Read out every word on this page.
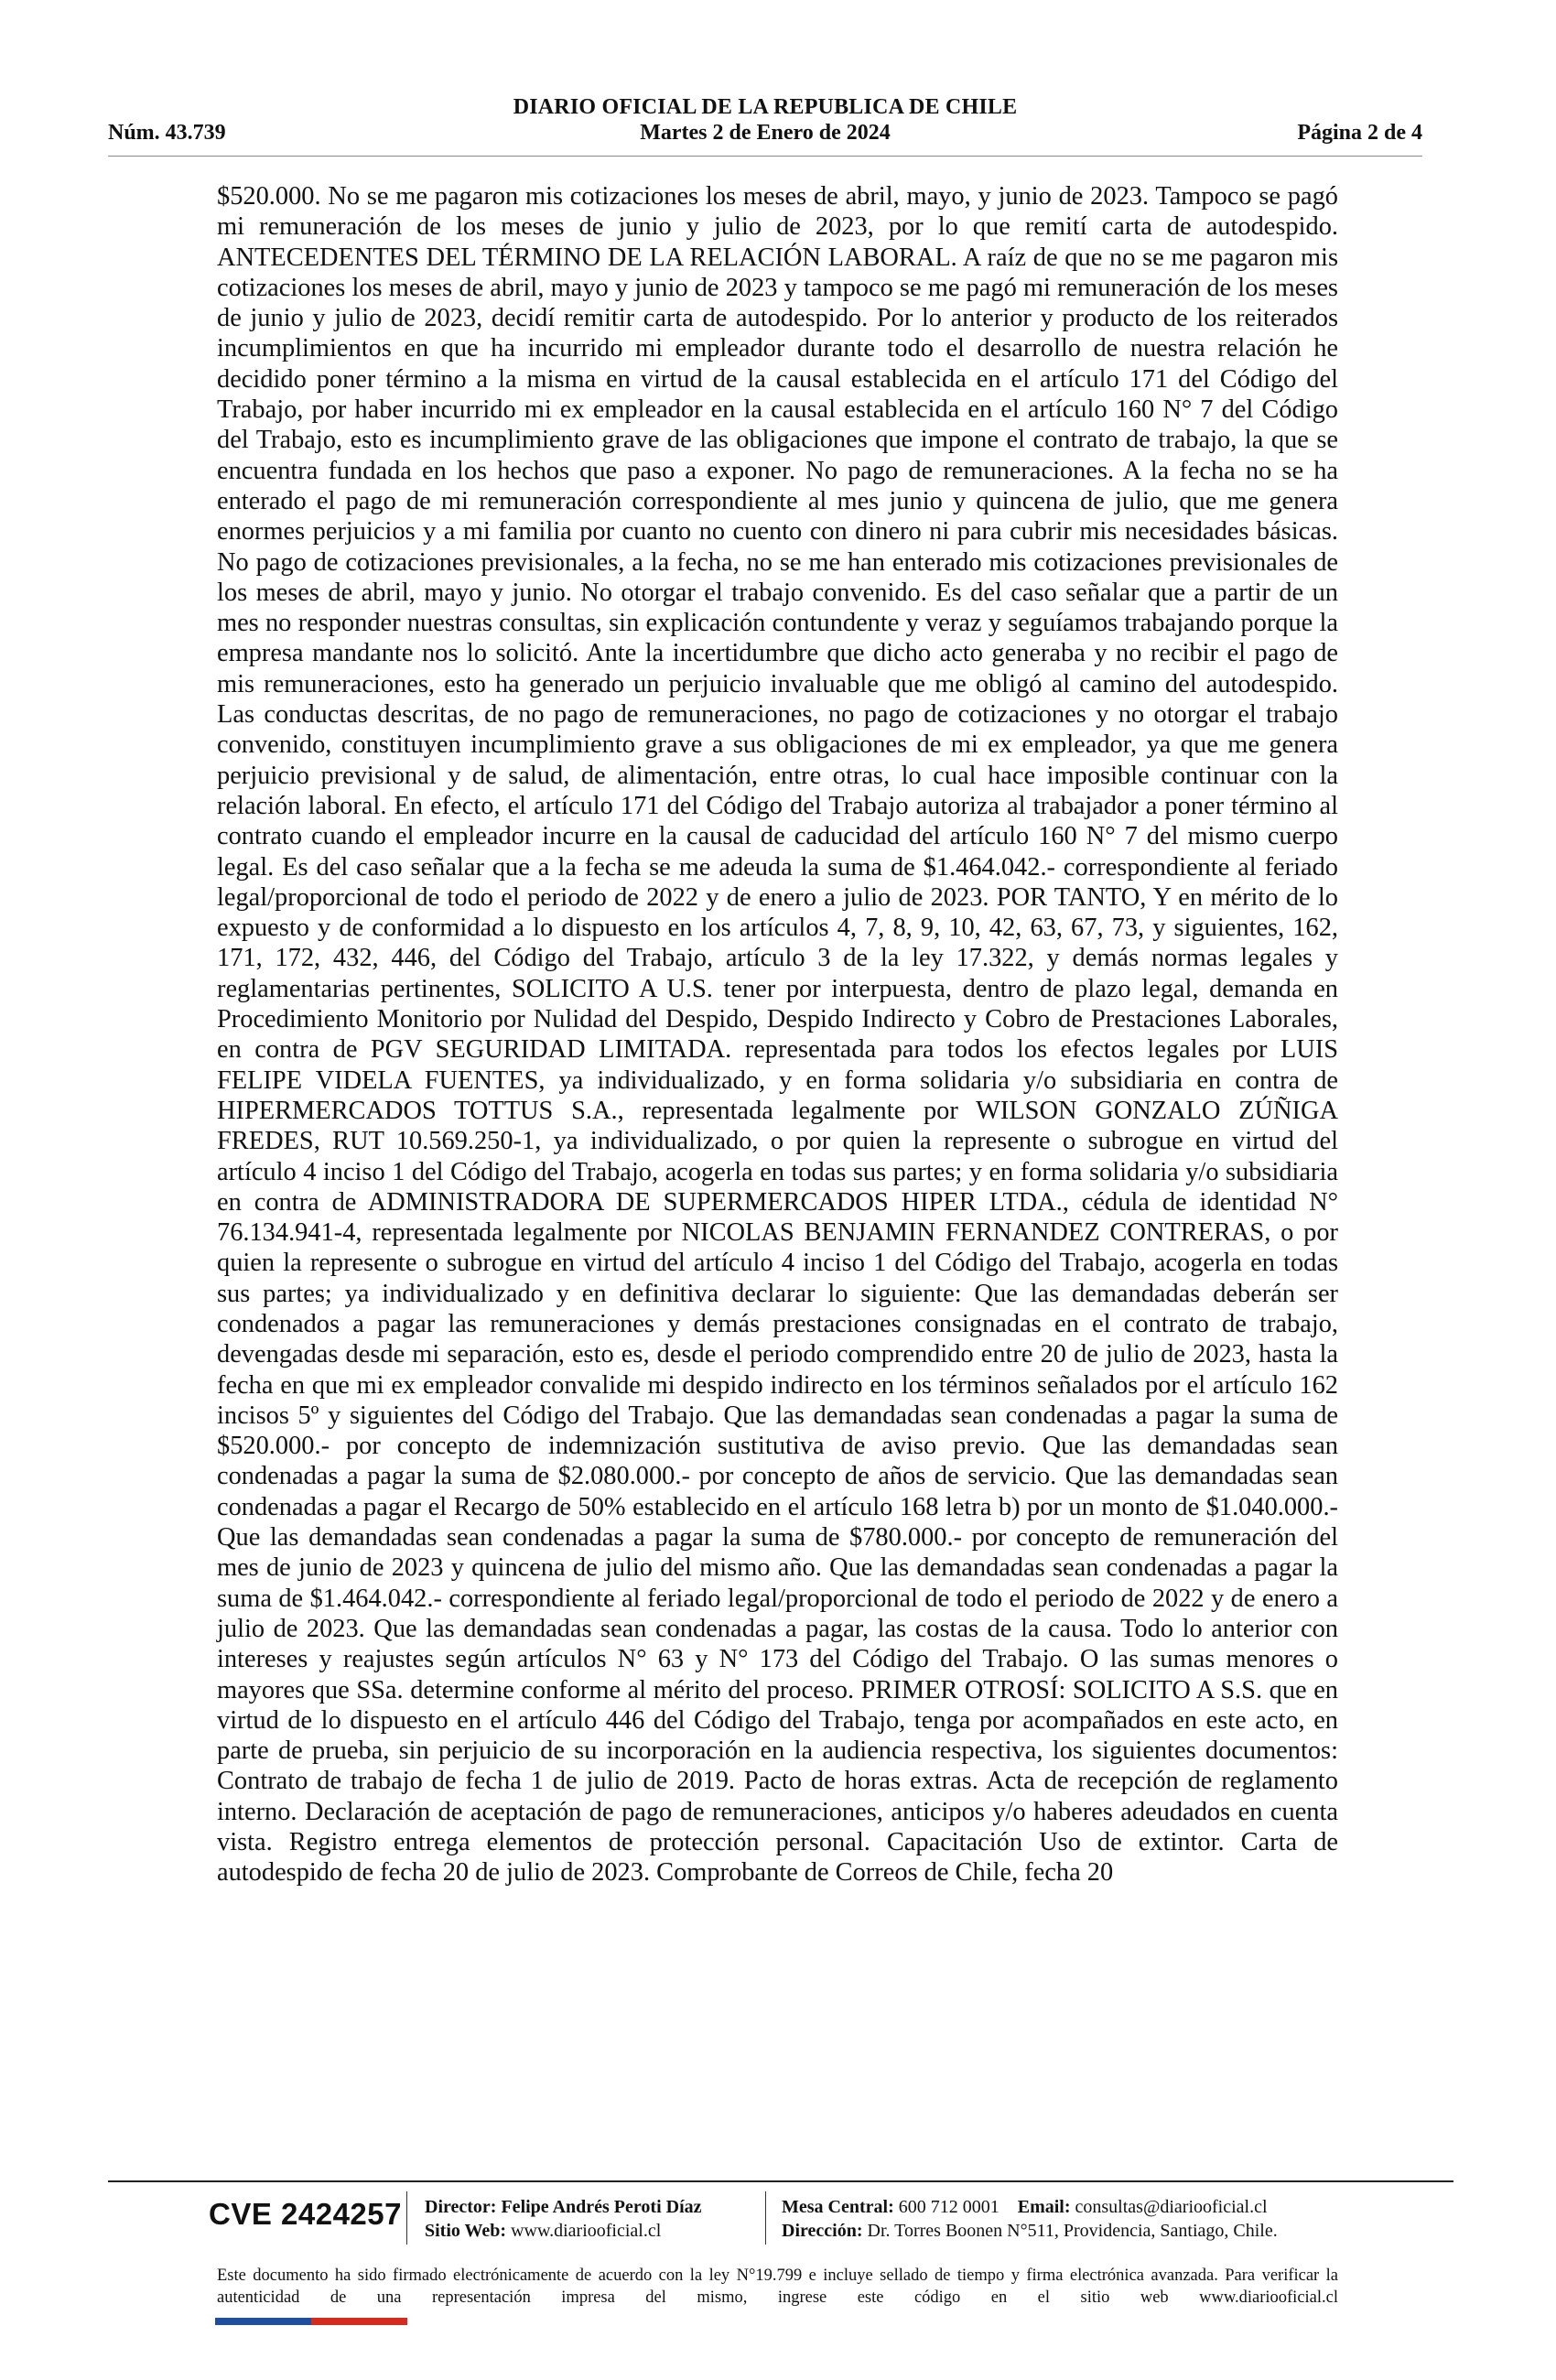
DIARIO OFICIAL DE LA REPUBLICA DE CHILE
Núm. 43.739	Martes 2 de Enero de 2024	Página 2 de 4
$520.000. No se me pagaron mis cotizaciones los meses de abril, mayo, y junio de 2023. Tampoco se pagó mi remuneración de los meses de junio y julio de 2023, por lo que remití carta de autodespido. ANTECEDENTES DEL TÉRMINO DE LA RELACIÓN LABORAL. A raíz de que no se me pagaron mis cotizaciones los meses de abril, mayo y junio de 2023 y tampoco se me pagó mi remuneración de los meses de junio y julio de 2023, decidí remitir carta de autodespido. Por lo anterior y producto de los reiterados incumplimientos en que ha incurrido mi empleador durante todo el desarrollo de nuestra relación he decidido poner término a la misma en virtud de la causal establecida en el artículo 171 del Código del Trabajo, por haber incurrido mi ex empleador en la causal establecida en el artículo 160 N° 7 del Código del Trabajo, esto es incumplimiento grave de las obligaciones que impone el contrato de trabajo, la que se encuentra fundada en los hechos que paso a exponer. No pago de remuneraciones. A la fecha no se ha enterado el pago de mi remuneración correspondiente al mes junio y quincena de julio, que me genera enormes perjuicios y a mi familia por cuanto no cuento con dinero ni para cubrir mis necesidades básicas. No pago de cotizaciones previsionales, a la fecha, no se me han enterado mis cotizaciones previsionales de los meses de abril, mayo y junio. No otorgar el trabajo convenido. Es del caso señalar que a partir de un mes no responder nuestras consultas, sin explicación contundente y veraz y seguíamos trabajando porque la empresa mandante nos lo solicitó. Ante la incertidumbre que dicho acto generaba y no recibir el pago de mis remuneraciones, esto ha generado un perjuicio invaluable que me obligó al camino del autodespido. Las conductas descritas, de no pago de remuneraciones, no pago de cotizaciones y no otorgar el trabajo convenido, constituyen incumplimiento grave a sus obligaciones de mi ex empleador, ya que me genera perjuicio previsional y de salud, de alimentación, entre otras, lo cual hace imposible continuar con la relación laboral. En efecto, el artículo 171 del Código del Trabajo autoriza al trabajador a poner término al contrato cuando el empleador incurre en la causal de caducidad del artículo 160 N° 7 del mismo cuerpo legal. Es del caso señalar que a la fecha se me adeuda la suma de $1.464.042.- correspondiente al feriado legal/proporcional de todo el periodo de 2022 y de enero a julio de 2023. POR TANTO, Y en mérito de lo expuesto y de conformidad a lo dispuesto en los artículos 4, 7, 8, 9, 10, 42, 63, 67, 73, y siguientes, 162, 171, 172, 432, 446, del Código del Trabajo, artículo 3 de la ley 17.322, y demás normas legales y reglamentarias pertinentes, SOLICITO A U.S. tener por interpuesta, dentro de plazo legal, demanda en Procedimiento Monitorio por Nulidad del Despido, Despido Indirecto y Cobro de Prestaciones Laborales, en contra de PGV SEGURIDAD LIMITADA. representada para todos los efectos legales por LUIS FELIPE VIDELA FUENTES, ya individualizado, y en forma solidaria y/o subsidiaria en contra de HIPERMERCADOS TOTTUS S.A., representada legalmente por WILSON GONZALO ZÚÑIGA FREDES, RUT 10.569.250-1, ya individualizado, o por quien la represente o subrogue en virtud del artículo 4 inciso 1 del Código del Trabajo, acogerla en todas sus partes; y en forma solidaria y/o subsidiaria en contra de ADMINISTRADORA DE SUPERMERCADOS HIPER LTDA., cédula de identidad N° 76.134.941-4, representada legalmente por NICOLAS BENJAMIN FERNANDEZ CONTRERAS, o por quien la represente o subrogue en virtud del artículo 4 inciso 1 del Código del Trabajo, acogerla en todas sus partes; ya individualizado y en definitiva declarar lo siguiente: Que las demandadas deberán ser condenados a pagar las remuneraciones y demás prestaciones consignadas en el contrato de trabajo, devengadas desde mi separación, esto es, desde el periodo comprendido entre 20 de julio de 2023, hasta la fecha en que mi ex empleador convalide mi despido indirecto en los términos señalados por el artículo 162 incisos 5º y siguientes del Código del Trabajo. Que las demandadas sean condenadas a pagar la suma de $520.000.- por concepto de indemnización sustitutiva de aviso previo. Que las demandadas sean condenadas a pagar la suma de $2.080.000.- por concepto de años de servicio. Que las demandadas sean condenadas a pagar el Recargo de 50% establecido en el artículo 168 letra b) por un monto de $1.040.000.- Que las demandadas sean condenadas a pagar la suma de $780.000.- por concepto de remuneración del mes de junio de 2023 y quincena de julio del mismo año. Que las demandadas sean condenadas a pagar la suma de $1.464.042.- correspondiente al feriado legal/proporcional de todo el periodo de 2022 y de enero a julio de 2023. Que las demandadas sean condenadas a pagar, las costas de la causa. Todo lo anterior con intereses y reajustes según artículos N° 63 y N° 173 del Código del Trabajo. O las sumas menores o mayores que SSa. determine conforme al mérito del proceso. PRIMER OTROSÍ: SOLICITO A S.S. que en virtud de lo dispuesto en el artículo 446 del Código del Trabajo, tenga por acompañados en este acto, en parte de prueba, sin perjuicio de su incorporación en la audiencia respectiva, los siguientes documentos: Contrato de trabajo de fecha 1 de julio de 2019. Pacto de horas extras. Acta de recepción de reglamento interno. Declaración de aceptación de pago de remuneraciones, anticipos y/o haberes adeudados en cuenta vista. Registro entrega elementos de protección personal. Capacitación Uso de extintor. Carta de autodespido de fecha 20 de julio de 2023. Comprobante de Correos de Chile, fecha 20
CVE 2424257 Director: Felipe Andrés Peroti Díaz
Sitio Web: www.diariooficial.cl
Mesa Central: 600 712 0001 Email: consultas@diariooficial.cl
Dirección: Dr. Torres Boonen N°511, Providencia, Santiago, Chile.
Este documento ha sido firmado electrónicamente de acuerdo con la ley N°19.799 e incluye sellado de tiempo y firma electrónica avanzada. Para verificar la autenticidad de una representación impresa del mismo, ingrese este código en el sitio web www.diariooficial.cl
